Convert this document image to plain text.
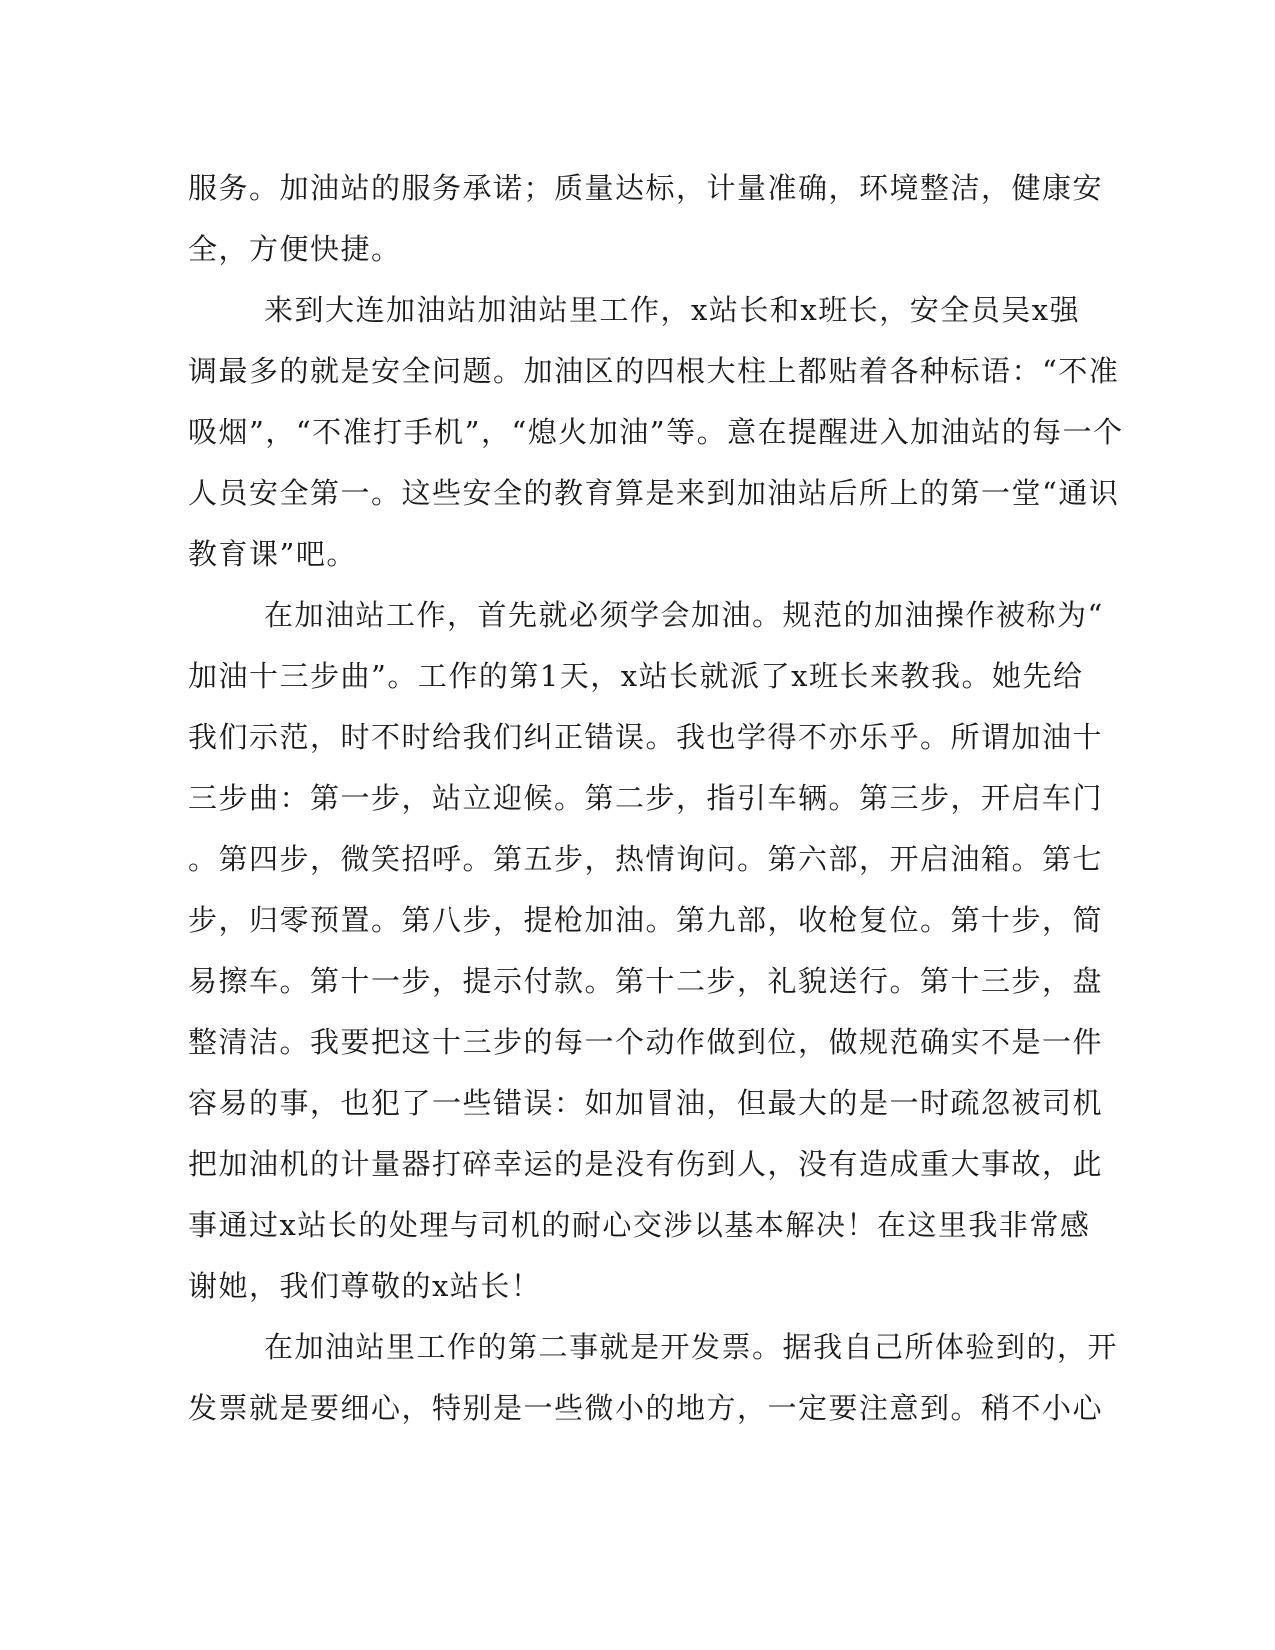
服务。加油站的服务承诺；质量达标，计量准确，环境整洁，健康安
全，方便快捷。
来到大连加油站加油站里工作，x站长和x班长，安全员吴x强
调最多的就是安全问题。加油区的四根大柱上都贴着各种标语：“不准
吸烟”，“不准打手机”，“熄火加油”等。意在提醒进入加油站的每一个
人员安全第一。这些安全的教育算是来到加油站后所上的第一堂“通识
教育课”吧。
在加油站工作，首先就必须学会加油。规范的加油操作被称为“
加油十三步曲”。工作的第1天，x站长就派了x班长来教我。她先给
我们示范，时不时给我们纠正错误。我也学得不亦乐乎。所谓加油十
三步曲：第一步，站立迎候。第二步，指引车辆。第三步，开启车门
。第四步，微笑招呼。第五步，热情询问。第六部，开启油箱。第七
步，归零预置。第八步，提枪加油。第九部，收枪复位。第十步，简
易擦车。第十一步，提示付款。第十二步，礼貌送行。第十三步，盘
整清洁。我要把这十三步的每一个动作做到位，做规范确实不是一件
容易的事，也犯了一些错误：如加冒油，但最大的是一时疏忽被司机
把加油机的计量器打碎幸运的是没有伤到人，没有造成重大事故，此
事通过x站长的处理与司机的耐心交涉以基本解决！在这里我非常感
谢她，我们尊敬的x站长！
在加油站里工作的第二事就是开发票。据我自己所体验到的，开
发票就是要细心，特别是一些微小的地方，一定要注意到。稍不小心
